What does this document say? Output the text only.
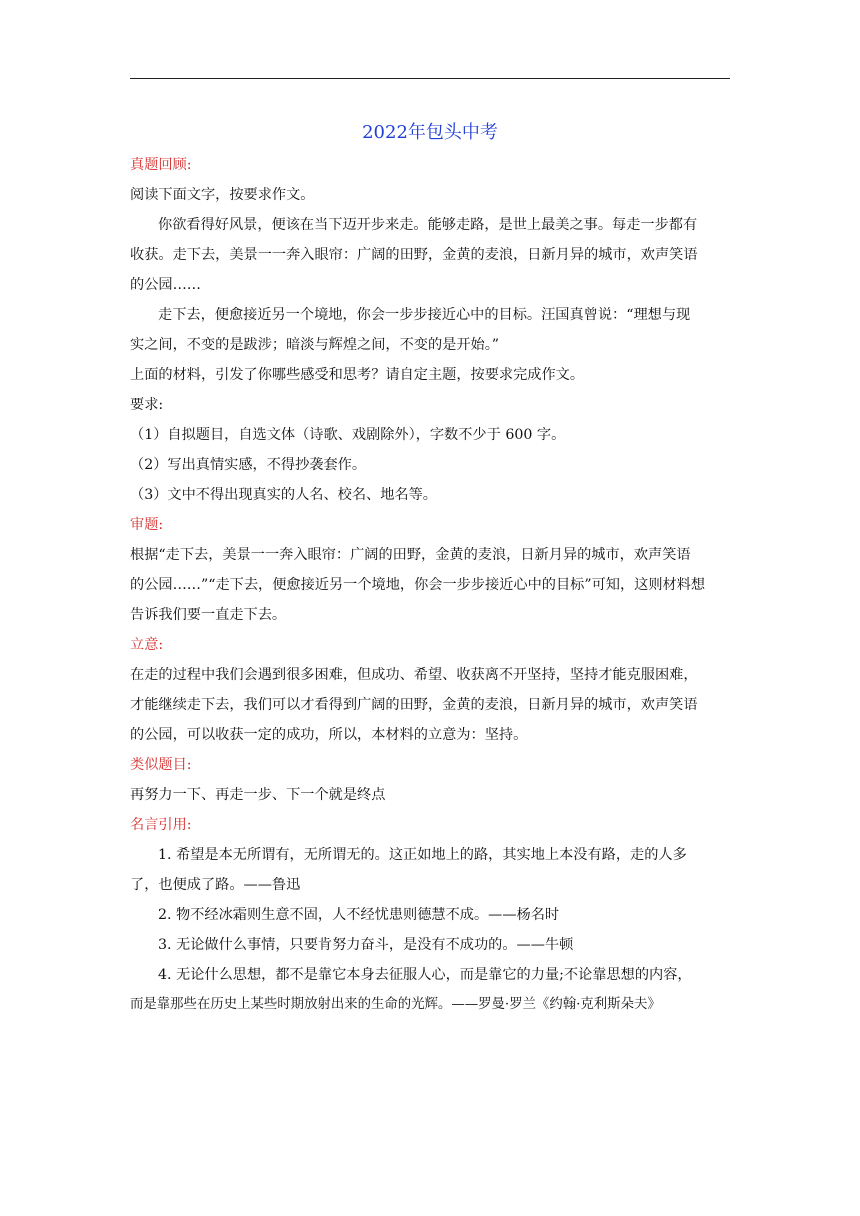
2022年包头中考
真题回顾:
阅读下面文字，按要求作文。
你欲看得好风景，便该在当下迈开步来走。能够走路，是世上最美之事。每走一步都有
收获。走下去，美景一一奔入眼帘：广阔的田野，金黄的麦浪，日新月异的城市，欢声笑语
的公园……
走下去，便愈接近另一个境地，你会一步步接近心中的目标。汪国真曾说：“理想与现
实之间，不变的是跋涉；暗淡与辉煌之间，不变的是开始。”
上面的材料，引发了你哪些感受和思考？请自定主题，按要求完成作文。
要求:
（1）自拟题目，自选文体（诗歌、戏剧除外），字数不少于 600 字。
（2）写出真情实感，不得抄袭套作。
（3）文中不得出现真实的人名、校名、地名等。
审题:
根据“走下去，美景一一奔入眼帘：广阔的田野，金黄的麦浪，日新月异的城市，欢声笑语
的公园……”“走下去，便愈接近另一个境地，你会一步步接近心中的目标”可知，这则材料想
告诉我们要一直走下去。
立意:
在走的过程中我们会遇到很多困难，但成功、希望、收获离不开坚持，坚持才能克服困难，
才能继续走下去，我们可以才看得到广阔的田野，金黄的麦浪，日新月异的城市，欢声笑语
的公园，可以收获一定的成功，所以，本材料的立意为：坚持。
类似题目:
再努力一下、再走一步、下一个就是终点
名言引用:
1. 希望是本无所谓有，无所谓无的。这正如地上的路，其实地上本没有路，走的人多
了，也便成了路。——鲁迅
2. 物不经冰霜则生意不固，人不经忧患则德慧不成。——杨名时
3. 无论做什么事情，只要肯努力奋斗，是没有不成功的。——牛顿
4. 无论什么思想，都不是靠它本身去征服人心，而是靠它的力量;不论靠思想的内容，
而是靠那些在历史上某些时期放射出来的生命的光辉。——罗曼·罗兰《约翰·克利斯朵夫》
